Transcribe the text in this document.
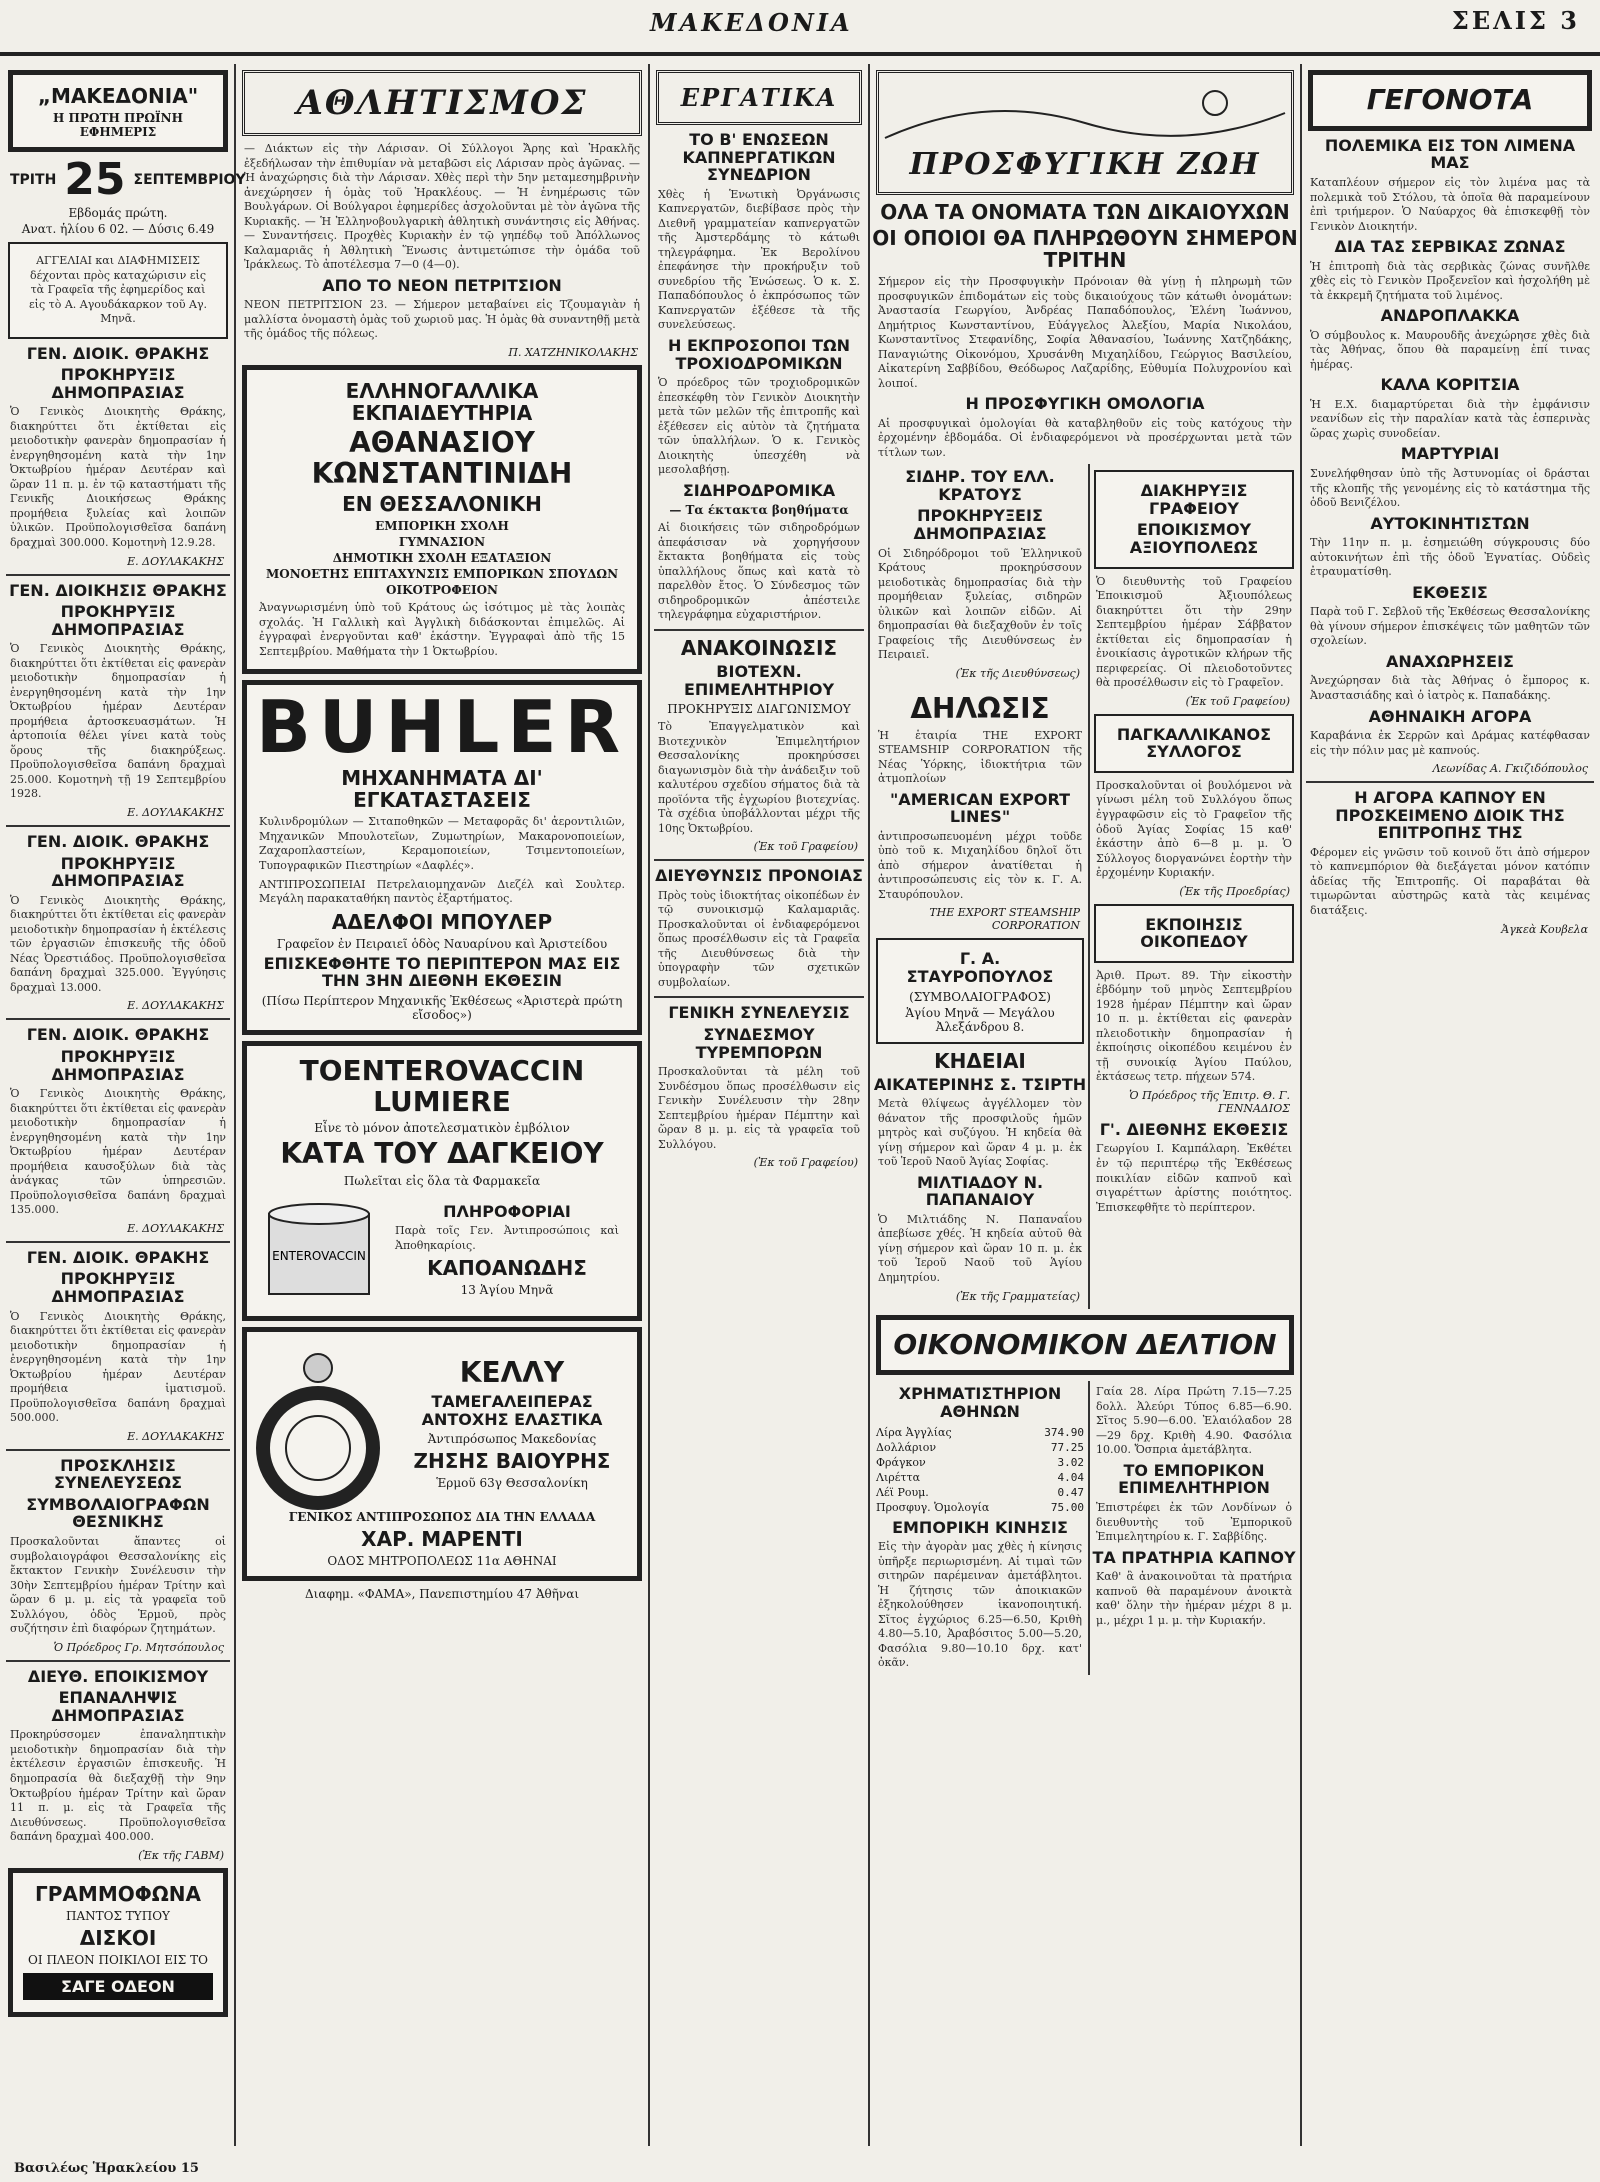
ΜΑΚΕΔΟΝΙΑ	ΣΕΛΙΣ 3
„ΜΑΚΕΔΟΝΙΑ"
Η ΠΡΩΤΗ ΠΡΩΪΝΗ ΕΦΗΜΕΡΙΣ
ΤΡΙΤΗ 25 ΣΕΠΤΕΜΒΡΙΟΥ
Εβδομάς πρώτη.
Ανατ. ἡλίου 6 02. — Δύσις 6.49
ΑΓΓΕΛΙΑΙ και ΔΙΑΦΗΜΙΣΕΙΣ δέχονται πρὸς καταχώρισιν εἰς τὰ Γραφεῖα τῆς ἐφημερίδος καὶ εἰς τὸ Α. Αγουδάκαρκον τοῦ Αγ. Μηνᾶ.
ΓΕΝ. ΔΙΟΙΚ. ΘΡΑΚΗΣ
ΠΡΟΚΗΡΥΞΙΣ ΔΗΜΟΠΡΑΣΙΑΣ
Ὁ Γενικὸς Διοικητὴς Θράκης, διακηρύττει ὅτι ἐκτίθεται εἰς μειοδοτικὴν φανερὰν δημοπρασίαν ἡ ἐνεργηθησομένη κατὰ τὴν 1ην Ὀκτωβρίου ἡμέραν Δευτέραν καὶ ὥραν 11 π. μ. ἐν τῷ καταστήματι τῆς Γενικῆς Διοικήσεως Θράκης προμήθεια ξυλείας καὶ λοιπῶν ὑλικῶν. Προϋπολογισθεῖσα δαπάνη δραχμαὶ 300.000. Κομοτηνὴ 12.9.28.
Ε. ΔΟΥΛΑΚΑΚΗΣ
ΓΕΝ. ΔΙΟΙΚΗΣΙΣ ΘΡΑΚΗΣ
ΠΡΟΚΗΡΥΞΙΣ ΔΗΜΟΠΡΑΣΙΑΣ
Ὁ Γενικὸς Διοικητὴς Θράκης, διακηρύττει ὅτι ἐκτίθεται εἰς φανερὰν μειοδοτικὴν δημοπρασίαν ἡ ἐνεργηθησομένη κατὰ τὴν 1ην Ὀκτωβρίου ἡμέραν Δευτέραν προμήθεια ἀρτοσκευασμάτων. Ἡ ἀρτοποιία θέλει γίνει κατὰ τοὺς ὅρους τῆς διακηρύξεως. Προϋπολογισθεῖσα δαπάνη δραχμαὶ 25.000. Κομοτηνὴ τῇ 19 Σεπτεμβρίου 1928.
Ε. ΔΟΥΛΑΚΑΚΗΣ
ΓΕΝ. ΔΙΟΙΚ. ΘΡΑΚΗΣ
ΠΡΟΚΗΡΥΞΙΣ ΔΗΜΟΠΡΑΣΙΑΣ
Ὁ Γενικὸς Διοικητὴς Θράκης, διακηρύττει ὅτι ἐκτίθεται εἰς φανερὰν μειοδοτικὴν δημοπρασίαν ἡ ἐκτέλεσις τῶν ἐργασιῶν ἐπισκευῆς τῆς ὁδοῦ Νέας Ὀρεστιάδος. Προϋπολογισθεῖσα δαπάνη δραχμαὶ 325.000. Ἐγγύησις δραχμαὶ 13.000.
Ε. ΔΟΥΛΑΚΑΚΗΣ
ΓΕΝ. ΔΙΟΙΚ. ΘΡΑΚΗΣ
ΠΡΟΚΗΡΥΞΙΣ ΔΗΜΟΠΡΑΣΙΑΣ
Ὁ Γενικὸς Διοικητὴς Θράκης, διακηρύττει ὅτι ἐκτίθεται εἰς φανερὰν μειοδοτικὴν δημοπρασίαν ἡ ἐνεργηθησομένη κατὰ τὴν 1ην Ὀκτωβρίου ἡμέραν Δευτέραν προμήθεια καυσοξύλων διὰ τὰς ἀνάγκας τῶν ὑπηρεσιῶν. Προϋπολογισθεῖσα δαπάνη δραχμαὶ 135.000.
Ε. ΔΟΥΛΑΚΑΚΗΣ
ΓΕΝ. ΔΙΟΙΚ. ΘΡΑΚΗΣ
ΠΡΟΚΗΡΥΞΙΣ ΔΗΜΟΠΡΑΣΙΑΣ
Ὁ Γενικὸς Διοικητὴς Θράκης, διακηρύττει ὅτι ἐκτίθεται εἰς φανερὰν μειοδοτικὴν δημοπρασίαν ἡ ἐνεργηθησομένη κατὰ τὴν 1ην Ὀκτωβρίου ἡμέραν Δευτέραν προμήθεια ἰματισμοῦ. Προϋπολογισθεῖσα δαπάνη δραχμαὶ 500.000.
Ε. ΔΟΥΛΑΚΑΚΗΣ
ΠΡΟΣΚΛΗΣΙΣ ΣΥΝΕΛΕΥΣΕΩΣ
ΣΥΜΒΟΛΑΙΟΓΡΑΦΩΝ ΘΕΣΝΙΚΗΣ
Προσκαλοῦνται ἅπαντες οἱ συμβολαιογράφοι Θεσσαλονίκης εἰς ἔκτακτον Γενικὴν Συνέλευσιν τὴν 30ὴν Σεπτεμβρίου ἡμέραν Τρίτην καὶ ὥραν 6 μ. μ. εἰς τὰ γραφεῖα τοῦ Συλλόγου, ὁδὸς Ἑρμοῦ, πρὸς συζήτησιν ἐπὶ διαφόρων ζητημάτων.
Ὁ Πρόεδρος Γρ. Μητσόπουλος
ΔΙΕΥΘ. ΕΠΟΙΚΙΣΜΟΥ
ΕΠΑΝΑΛΗΨΙΣ ΔΗΜΟΠΡΑΣΙΑΣ
Προκηρύσσομεν ἐπαναληπτικὴν μειοδοτικὴν δημοπρασίαν διὰ τὴν ἐκτέλεσιν ἐργασιῶν ἐπισκευῆς. Ἡ δημοπρασία θὰ διεξαχθῇ τὴν 9ην Ὀκτωβρίου ἡμέραν Τρίτην καὶ ὥραν 11 π. μ. εἰς τὰ Γραφεῖα τῆς Διευθύνσεως. Προϋπολογισθεῖσα δαπάνη δραχμαὶ 400.000.
(Ἐκ τῆς ΓΑΒΜ)
ΓΡΑΜΜΟΦΩΝΑ
ΠΑΝΤΟΣ ΤΥΠΟΥ
ΔΙΣΚΟΙ
ΟΙ ΠΛΕΟΝ ΠΟΙΚΙΛΟΙ ΕΙΣ ΤΟ
ΣΑΓΕ ΟΔΕΟΝ
ΑΘΛΗΤΙΣΜΟΣ
— Διάκτων εἰς τὴν Λάρισαν. Οἱ Σύλλογοι Ἄρης καὶ Ἡρακλῆς ἐξεδήλωσαν τὴν ἐπιθυμίαν νὰ μεταβῶσι εἰς Λάρισαν πρὸς ἀγῶνας. — Ἡ ἀναχώρησις διὰ τὴν Λάρισαν. Χθὲς περὶ τὴν 5ην μεταμεσημβρινὴν ἀνεχώρησεν ἡ ὁμὰς τοῦ Ἡρακλέους. — Ἡ ἐνημέρωσις τῶν Βουλγάρων. Οἱ Βούλγαροι ἐφημερίδες ἀσχολοῦνται μὲ τὸν ἀγῶνα τῆς Κυριακῆς. — Ἡ Ἑλληνοβουλγαρικὴ ἀθλητικὴ συνάντησις εἰς Ἀθήνας. — Συναντήσεις. Προχθὲς Κυριακὴν ἐν τῷ γηπέδῳ τοῦ Ἀπόλλωνος Καλαμαριᾶς ἡ Ἀθλητικὴ Ἕνωσις ἀντιμετώπισε τὴν ὁμάδα τοῦ Ἰράκλεως. Τὸ ἀποτέλεσμα 7—0 (4—0).
ΑΠΟ ΤΟ ΝΕΟΝ ΠΕΤΡΙΤΣΙΟΝ
ΝΕΟΝ ΠΕΤΡΙΤΣΙΟΝ 23. — Σήμερον μεταβαίνει εἰς Τζουμαγιὰν ἡ μαλλίστα ὀνομαστὴ ὁμὰς τοῦ χωριοῦ μας. Ἡ ὁμὰς θὰ συναντηθῇ μετὰ τῆς ὁμάδος τῆς πόλεως.
Π. ΧΑΤΖΗΝΙΚΟΛΑΚΗΣ
ΕΛΛΗΝΟΓΑΛΛΙΚΑ ΕΚΠΑΙΔΕΥΤΗΡΙΑ
ΑΘΑΝΑΣΙΟΥ ΚΩΝΣΤΑΝΤΙΝΙΔΗ
ΕΝ ΘΕΣΣΑΛΟΝΙΚΗ
ΕΜΠΟΡΙΚΗ ΣΧΟΛΗ
ΓΥΜΝΑΣΙΟΝ
ΔΗΜΟΤΙΚΗ ΣΧΟΛΗ ΕΞΑΤΑΞΙΟΝ
ΜΟΝΟΕΤΗΣ ΕΠΙΤΑΧΥΝΣΙΣ ΕΜΠΟΡΙΚΩΝ ΣΠΟΥΔΩΝ
ΟΙΚΟΤΡΟΦΕΙΟΝ
Ἀναγνωρισμένη ὑπὸ τοῦ Κράτους ὡς ἰσότιμος μὲ τὰς λοιπὰς σχολάς. Ἡ Γαλλικὴ καὶ Ἀγγλικὴ διδάσκονται ἐπιμελῶς. Αἱ ἐγγραφαὶ ἐνεργοῦνται καθ' ἑκάστην. Ἐγγραφαὶ ἀπὸ τῆς 15 Σεπτεμβρίου. Μαθήματα τὴν 1 Ὀκτωβρίου.
BUHLER
ΜΗΧΑΝΗΜΑΤΑ ΔΙ' ΕΓΚΑΤΑΣΤΑΣΕΙΣ
Κυλινδρομύλων — Σιταποθηκῶν — Μεταφορᾶς δι' ἀεροντιλιῶν, Μηχανικῶν Μπουλοτεῖων, Ζυμωτηρίων, Μακαρονοποιείων, Ζαχαροπλαστείων, Κεραμοποιείων, Τσιμεντοποιείων, Τυπογραφικῶν Πιεστηρίων «Δαφλές».
ΑΝΤΙΠΡΟΣΩΠΕΙΑΙ Πετρελαιομηχανῶν Διεζέλ καὶ Σουλτερ. Μεγάλη παρακαταθήκη παντὸς ἐξαρτήματος.
ΑΔΕΛΦΟΙ ΜΠΟΥΛΕΡ
Γραφεῖον ἐν Πειραιεῖ ὁδὸς Ναυαρίνου καὶ Ἀριστείδου
ΕΠΙΣΚΕΦΘΗΤΕ ΤΟ ΠΕΡΙΠΤΕΡΟΝ ΜΑΣ ΕΙΣ ΤΗΝ 3ΗΝ ΔΙΕΘΝΗ ΕΚΘΕΣΙΝ
(Πίσω Περίπτερον Μηχανικῆς Ἐκθέσεως «Ἀριστερὰ πρώτη εἴσοδος»)
TOENTEROVACCIN LUMIERE
Εἶνε τὸ μόνον ἀποτελεσματικὸν ἐμβόλιον
ΚΑΤΑ ΤΟΥ ΔΑΓΚΕΙΟΥ
Πωλεῖται εἰς ὅλα τὰ Φαρμακεῖα
ENTEROVACCIN
ΠΛΗΡΟΦΟΡΙΑΙ
Παρὰ τοῖς Γεν. Ἀντιπροσώποις καὶ Ἀποθηκαρίοις.
ΚΑΠΟΑΝΩΔΗΣ
13 Ἁγίου Μηνᾶ
ΚΕΛΛΥ
ΤΑΜΕΓΑΛΕΙΠΕΡΑΣ ΑΝΤΟΧΗΣ ΕΛΑΣΤΙΚΑ
Ἀντιπρόσωπος Μακεδονίας
ΖΗΣΗΣ ΒΑΙΟΥΡΗΣ
Ἑρμοῦ 63γ Θεσσαλονίκη
ΓΕΝΙΚΟΣ ΑΝΤΙΠΡΟΣΩΠΟΣ ΔΙΑ ΤΗΝ ΕΛΛΑΔΑ
ΧΑΡ. ΜΑΡΕΝΤΙ
ΟΔΟΣ ΜΗΤΡΟΠΟΛΕΩΣ 11α ΑΘΗΝΑΙ
Διαφημ. «ΦΑΜΑ», Πανεπιστημίου 47 Ἀθῆναι
ΕΡΓΑΤΙΚΑ
ΤΟ Β' ΕΝΩΣΕΩΝ ΚΑΠΝΕΡΓΑΤΙΚΩΝ ΣΥΝΕΔΡΙΟΝ
Χθὲς ἡ Ἑνωτικὴ Ὀργάνωσις Καπνεργατῶν, διεβίβασε πρὸς τὴν Διεθνῆ γραμματείαν καπνεργατῶν τῆς Ἀμστερδάμης τὸ κάτωθι τηλεγράφημα. Ἐκ Βερολίνου ἐπεφάνησε τὴν προκήρυξιν τοῦ συνεδρίου τῆς Ἑνώσεως. Ὁ κ. Σ. Παπαδόπουλος ὁ ἐκπρόσωπος τῶν Καπνεργατῶν ἐξέθεσε τὰ τῆς συνελεύσεως.
Η ΕΚΠΡΟΣΟΠΟΙ ΤΩΝ ΤΡΟΧΙΟΔΡΟΜΙΚΩΝ
Ὁ πρόεδρος τῶν τροχιοδρομικῶν ἐπεσκέφθη τὸν Γενικὸν Διοικητὴν μετὰ τῶν μελῶν τῆς ἐπιτροπῆς καὶ ἐξέθεσεν εἰς αὐτὸν τὰ ζητήματα τῶν ὑπαλλήλων. Ὁ κ. Γενικὸς Διοικητὴς ὑπεσχέθη νὰ μεσολαβήσῃ.
ΣΙΔΗΡΟΔΡΟΜΙΚΑ
— Τα έκτακτα βοηθήματα
Αἱ διοικήσεις τῶν σιδηροδρόμων ἀπεφάσισαν νὰ χορηγήσουν ἔκτακτα βοηθήματα εἰς τοὺς ὑπαλλήλους ὅπως καὶ κατὰ τὸ παρελθὸν ἔτος. Ὁ Σύνδεσμος τῶν σιδηροδρομικῶν ἀπέστειλε τηλεγράφημα εὐχαριστήριον.
ΑΝΑΚΟΙΝΩΣΙΣ
ΒΙΟΤΕΧΝ. ΕΠΙΜΕΛΗΤΗΡΙΟΥ
ΠΡΟΚΗΡΥΞΙΣ ΔΙΑΓΩΝΙΣΜΟΥ
Τὸ Ἐπαγγελματικὸν καὶ Βιοτεχνικὸν Ἐπιμελητήριον Θεσσαλονίκης προκηρύσσει διαγωνισμὸν διὰ τὴν ἀνάδειξιν τοῦ καλυτέρου σχεδίου σήματος διὰ τὰ προϊόντα τῆς ἐγχωρίου βιοτεχνίας. Τὰ σχέδια ὑποβάλλονται μέχρι τῆς 10ης Ὀκτωβρίου.
(Ἐκ τοῦ Γραφείου)
ΔΙΕΥΘΥΝΣΙΣ ΠΡΟΝΟΙΑΣ
Πρὸς τοὺς ἰδιοκτήτας οἰκοπέδων ἐν τῷ συνοικισμῷ Καλαμαριᾶς. Προσκαλοῦνται οἱ ἐνδιαφερόμενοι ὅπως προσέλθωσιν εἰς τὰ Γραφεῖα τῆς Διευθύνσεως διὰ τὴν ὑπογραφὴν τῶν σχετικῶν συμβολαίων.
ΓΕΝΙΚΗ ΣΥΝΕΛΕΥΣΙΣ
ΣΥΝΔΕΣΜΟΥ ΤΥΡΕΜΠΟΡΩΝ
Προσκαλοῦνται τὰ μέλη τοῦ Συνδέσμου ὅπως προσέλθωσιν εἰς Γενικὴν Συνέλευσιν τὴν 28ην Σεπτεμβρίου ἡμέραν Πέμπτην καὶ ὥραν 8 μ. μ. εἰς τὰ γραφεῖα τοῦ Συλλόγου.
(Ἐκ τοῦ Γραφείου)
ΠΡΟΣΦΥΓΙΚΗ ΖΩΗ
ΟΛΑ ΤΑ ΟΝΟΜΑΤΑ ΤΩΝ ΔΙΚΑΙΟΥΧΩΝ
ΟΙ ΟΠΟΙΟΙ ΘΑ ΠΛΗΡΩΘΟΥΝ ΣΗΜΕΡΟΝ ΤΡΙΤΗΝ
Σήμερον εἰς τὴν Προσφυγικὴν Πρόνοιαν θὰ γίνῃ ἡ πληρωμὴ τῶν προσφυγικῶν ἐπιδομάτων εἰς τοὺς δικαιούχους τῶν κάτωθι ὀνομάτων: Ἀναστασία Γεωργίου, Ἀνδρέας Παπαδόπουλος, Ἑλένη Ἰωάννου, Δημήτριος Κωνσταντίνου, Εὐάγγελος Ἀλεξίου, Μαρία Νικολάου, Κωνσταντῖνος Στεφανίδης, Σοφία Ἀθανασίου, Ἰωάννης Χατζηδάκης, Παναγιώτης Οἰκονόμου, Χρυσάνθη Μιχαηλίδου, Γεώργιος Βασιλείου, Αἰκατερίνη Σαββίδου, Θεόδωρος Λαζαρίδης, Εὐθυμία Πολυχρονίου καὶ λοιποί.
Η ΠΡΟΣΦΥΓΙΚΗ ΟΜΟΛΟΓΙΑ
Αἱ προσφυγικαὶ ὁμολογίαι θὰ καταβληθοῦν εἰς τοὺς κατόχους τὴν ἐρχομένην ἑβδομάδα. Οἱ ἐνδιαφερόμενοι νὰ προσέρχωνται μετὰ τῶν τίτλων των.
ΣΙΔΗΡ. ΤΟΥ ΕΛΛ. ΚΡΑΤΟΥΣ
ΠΡΟΚΗΡΥΞΕΙΣ ΔΗΜΟΠΡΑΣΙΑΣ
Οἱ Σιδηρόδρομοι τοῦ Ἑλληνικοῦ Κράτους προκηρύσσουν μειοδοτικὰς δημοπρασίας διὰ τὴν προμήθειαν ξυλείας, σιδηρῶν ὑλικῶν καὶ λοιπῶν εἰδῶν. Αἱ δημοπρασίαι θὰ διεξαχθοῦν ἐν τοῖς Γραφείοις τῆς Διευθύνσεως ἐν Πειραιεῖ.
(Ἐκ τῆς Διευθύνσεως)
ΔΗΛΩΣΙΣ
Ἡ ἑταιρία THE EXPORT STEAMSHIP CORPORATION τῆς Νέας Ὑόρκης, ἰδιοκτήτρια τῶν ἀτμοπλοίων
"AMERICAN EXPORT LINES"
ἀντιπροσωπευομένη μέχρι τοῦδε ὑπὸ τοῦ κ. Μιχαηλίδου δηλοῖ ὅτι ἀπὸ σήμερον ἀνατίθεται ἡ ἀντιπροσώπευσις εἰς τὸν κ. Γ. Α. Σταυρόπουλον.
THE EXPORT STEAMSHIP CORPORATION
Γ. Α. ΣΤΑΥΡΟΠΟΥΛΟΣ
(ΣΥΜΒΟΛΑΙΟΓΡΑΦΟΣ)
Ἁγίου Μηνᾶ — Μεγάλου Ἀλεξάνδρου 8.
ΚΗΔΕΙΑΙ
ΑΙΚΑΤΕΡΙΝΗΣ Σ. ΤΣΙΡΤΗ
Μετὰ θλίψεως ἀγγέλλομεν τὸν θάνατον τῆς προσφιλοῦς ἡμῶν μητρὸς καὶ συζύγου. Ἡ κηδεία θὰ γίνῃ σήμερον καὶ ὥραν 4 μ. μ. ἐκ τοῦ Ἱεροῦ Ναοῦ Ἁγίας Σοφίας.
ΜΙΛΤΙΑΔΟΥ Ν. ΠΑΠΑΝΑΙΟΥ
Ὁ Μιλτιάδης Ν. Παπαναΐου ἀπεβίωσε χθές. Ἡ κηδεία αὐτοῦ θὰ γίνῃ σήμερον καὶ ὥραν 10 π. μ. ἐκ τοῦ Ἱεροῦ Ναοῦ τοῦ Ἁγίου Δημητρίου.
(Ἐκ τῆς Γραμματείας)
ΔΙΑΚΗΡΥΞΙΣ ΓΡΑΦΕΙΟΥ
ΕΠΟΙΚΙΣΜΟΥ ΑΞΙΟΥΠΟΛΕΩΣ
Ὁ διευθυντὴς τοῦ Γραφείου Ἐποικισμοῦ Ἀξιουπόλεως διακηρύττει ὅτι τὴν 29ην Σεπτεμβρίου ἡμέραν Σάββατον ἐκτίθεται εἰς δημοπρασίαν ἡ ἐνοικίασις ἀγροτικῶν κλήρων τῆς περιφερείας. Οἱ πλειοδοτοῦντες θὰ προσέλθωσιν εἰς τὸ Γραφεῖον.
(Ἐκ τοῦ Γραφείου)
ΠΑΓΚΑΛΛΙΚΑΝΟΣ ΣΥΛΛΟΓΟΣ
Προσκαλοῦνται οἱ βουλόμενοι νὰ γίνωσι μέλη τοῦ Συλλόγου ὅπως ἐγγραφῶσιν εἰς τὸ Γραφεῖον τῆς ὁδοῦ Ἁγίας Σοφίας 15 καθ' ἑκάστην ἀπὸ 6—8 μ. μ. Ὁ Σύλλογος διοργανώνει ἑορτὴν τὴν ἐρχομένην Κυριακήν.
(Ἐκ τῆς Προεδρίας)
ΕΚΠΟΙΗΣΙΣ ΟΙΚΟΠΕΔΟΥ
Ἀριθ. Πρωτ. 89. Τὴν εἰκοστὴν ἑβδόμην τοῦ μηνὸς Σεπτεμβρίου 1928 ἡμέραν Πέμπτην καὶ ὥραν 10 π. μ. ἐκτίθεται εἰς φανερὰν πλειοδοτικὴν δημοπρασίαν ἡ ἐκποίησις οἰκοπέδου κειμένου ἐν τῇ συνοικίᾳ Ἁγίου Παύλου, ἐκτάσεως τετρ. πήχεων 574.
Ὁ Πρόεδρος τῆς Ἐπιτρ. Θ. Γ. ΓΕΝΝΑΔΙΟΣ
Γ'. ΔΙΕΘΝΗΣ ΕΚΘΕΣΙΣ
Γεωργίου Ι. Καμπάλαρη. Ἐκθέτει ἐν τῷ περιπτέρῳ τῆς Ἐκθέσεως ποικιλίαν εἰδῶν καπνοῦ καὶ σιγαρέττων ἀρίστης ποιότητος. Ἐπισκεφθῆτε τὸ περίπτερον.
ΟΙΚΟΝΟΜΙΚΟΝ ΔΕΛΤΙΟΝ
ΧΡΗΜΑΤΙΣΤΗΡΙΟΝ ΑΘΗΝΩΝ
Λίρα Ἀγγλίας	374.90
Δολλάριον	77.25
Φράγκον	3.02
Λιρέττα	4.04
Λέϊ Ρουμ.	0.47
Προσφυγ. Ὁμολογία	75.00
ΕΜΠΟΡΙΚΗ ΚΙΝΗΣΙΣ
Εἰς τὴν ἀγορὰν μας χθὲς ἡ κίνησις ὑπῆρξε περιωρισμένη. Αἱ τιμαὶ τῶν σιτηρῶν παρέμειναν ἀμετάβλητοι. Ἡ ζήτησις τῶν ἀποικιακῶν ἐξηκολούθησεν ἱκανοποιητική. Σῖτος ἐγχώριος 6.25—6.50, Κριθὴ 4.80—5.10, Ἀραβόσιτος 5.00—5.20, Φασόλια 9.80—10.10 δρχ. κατ' ὀκᾶν.
Γαία 28. Λίρα Πρώτη 7.15—7.25 δολλ. Ἀλεύρι Τύπος 6.85—6.90. Σῖτος 5.90—6.00. Ἐλαιόλαδον 28—29 δρχ. Κριθὴ 4.90. Φασόλια 10.00. Ὄσπρια ἀμετάβλητα.
ΤΟ ΕΜΠΟΡΙΚΟΝ ΕΠΙΜΕΛΗΤΗΡΙΟΝ
Ἐπιστρέφει ἐκ τῶν Λονδίνων ὁ διευθυντὴς τοῦ Ἐμπορικοῦ Ἐπιμελητηρίου κ. Γ. Σαββίδης.
ΤΑ ΠΡΑΤΗΡΙΑ ΚΑΠΝΟΥ
Καθ' ἃ ἀνακοινοῦται τὰ πρατήρια καπνοῦ θὰ παραμένουν ἀνοικτὰ καθ' ὅλην τὴν ἡμέραν μέχρι 8 μ. μ., μέχρι 1 μ. μ. τὴν Κυριακήν.
ΓΕΓΟΝΟΤΑ
ΠΟΛΕΜΙΚΑ ΕΙΣ ΤΟΝ ΛΙΜΕΝΑ ΜΑΣ
Καταπλέουν σήμερον εἰς τὸν λιμένα μας τὰ πολεμικὰ τοῦ Στόλου, τὰ ὁποῖα θὰ παραμείνουν ἐπὶ τριήμερον. Ὁ Ναύαρχος θὰ ἐπισκεφθῇ τὸν Γενικὸν Διοικητήν.
ΔΙΑ ΤΑΣ ΣΕΡΒΙΚΑΣ ΖΩΝΑΣ
Ἡ ἐπιτροπὴ διὰ τὰς σερβικὰς ζώνας συνῆλθε χθὲς εἰς τὸ Γενικὸν Προξενεῖον καὶ ἠσχολήθη μὲ τὰ ἐκκρεμῆ ζητήματα τοῦ λιμένος.
ΑΝΔΡΟΠΛΑΚΚΑ
Ὁ σύμβουλος κ. Μαυρουδῆς ἀνεχώρησε χθὲς διὰ τὰς Ἀθήνας, ὅπου θὰ παραμείνῃ ἐπί τινας ἡμέρας.
ΚΑΛΑ ΚΟΡΙΤΣΙΑ
Ἡ Ε.Χ. διαμαρτύρεται διὰ τὴν ἐμφάνισιν νεανίδων εἰς τὴν παραλίαν κατὰ τὰς ἑσπερινὰς ὥρας χωρὶς συνοδείαν.
ΜΑΡΤΥΡΙΑΙ
Συνελήφθησαν ὑπὸ τῆς Ἀστυνομίας οἱ δράσται τῆς κλοπῆς τῆς γενομένης εἰς τὸ κατάστημα τῆς ὁδοῦ Βενιζέλου.
ΑΥΤΟΚΙΝΗΤΙΣΤΩΝ
Τὴν 11ην π. μ. ἐσημειώθη σύγκρουσις δύο αὐτοκινήτων ἐπὶ τῆς ὁδοῦ Ἐγνατίας. Οὐδεὶς ἐτραυματίσθη.
ΕΚΘΕΣΙΣ
Παρὰ τοῦ Γ. Σεβλοῦ τῆς Ἐκθέσεως Θεσσαλονίκης θὰ γίνουν σήμερον ἐπισκέψεις τῶν μαθητῶν τῶν σχολείων.
ΑΝΑΧΩΡΗΣΕΙΣ
Ἀνεχώρησαν διὰ τὰς Ἀθήνας ὁ ἔμπορος κ. Ἀναστασιάδης καὶ ὁ ἰατρὸς κ. Παπαδάκης.
ΑΘΗΝΑΙΚΗ ΑΓΟΡΑ
Καραβάνια ἐκ Σερρῶν καὶ Δράμας κατέφθασαν εἰς τὴν πόλιν μας μὲ καπνούς.
Λεωνίδας Α. Γκιζιδόπουλος
Η ΑΓΟΡΑ ΚΑΠΝΟΥ ΕΝ ΠΡΟΣΚΕΙΜΕΝΟ ΔΙΟΙΚ ΤΗΣ ΕΠΙΤΡΟΠΗΣ ΤΗΣ
Φέρομεν εἰς γνῶσιν τοῦ κοινοῦ ὅτι ἀπὸ σήμερον τὸ καπνεμπόριον θὰ διεξάγεται μόνον κατόπιν ἀδείας τῆς Ἐπιτροπῆς. Οἱ παραβάται θὰ τιμωρῶνται αὐστηρῶς κατὰ τὰς κειμένας διατάξεις.
Ἀγκεὰ Κουβελα
Βασιλέως Ἡρακλείου 15
